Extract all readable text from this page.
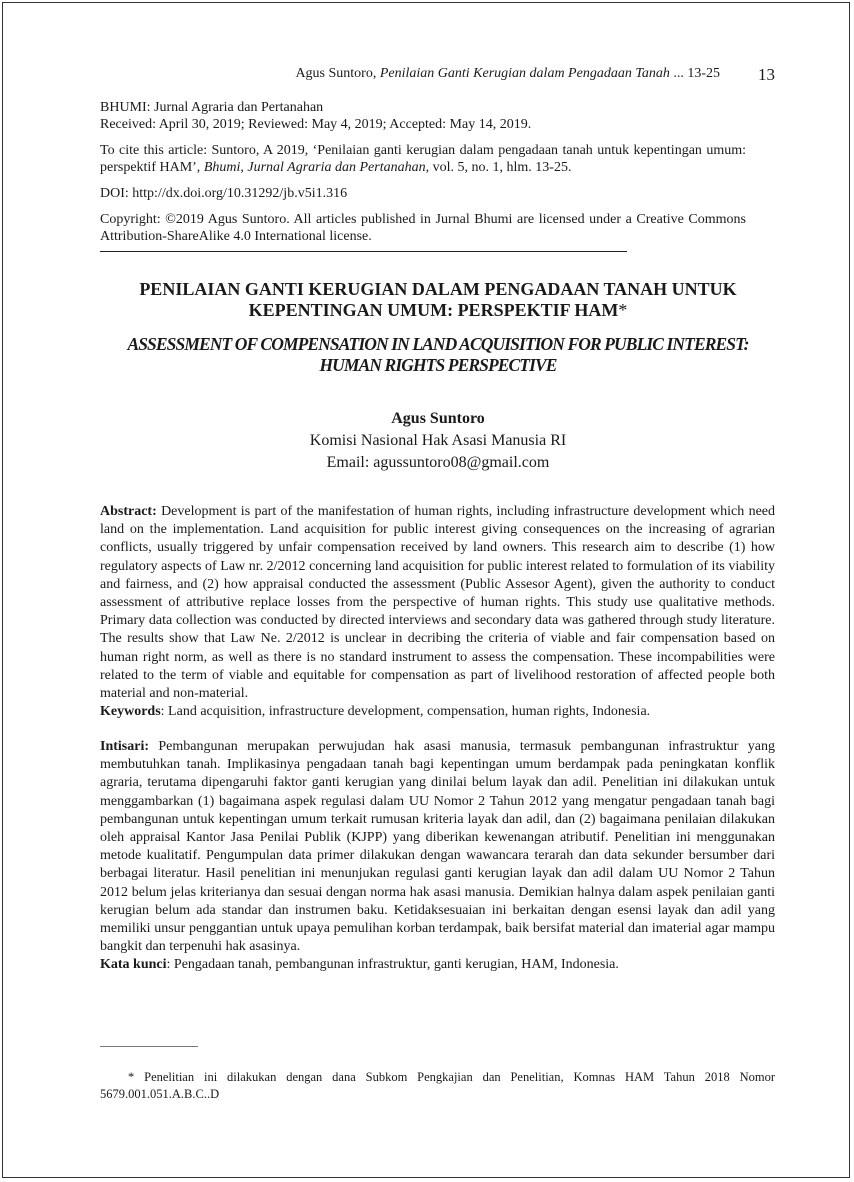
Agus Suntoro, Penilaian Ganti Kerugian dalam Pengadaan Tanah ... 13-25 13

BHUMI: Jurnal Agraria dan Pertanahan

Received: April 30, 2019; Reviewed: May 4, 2019; Accepted: May 14, 2019.

To cite this article: Suntoro, A 2019, ‘Penilaian ganti kerugian dalam pengadaan tanah untuk kepentingan umum: perspektif HAM’, Bhumi, Jurnal Agraria dan Pertanahan, vol. 5, no. 1, hlm. 13-25.

DOI: http://dx.doi.org/10.31292/jb.v5i1.316

Copyright: ©2019 Agus Suntoro. All articles published in Jurnal Bhumi are licensed under a Creative Commons Attribution-ShareAlike 4.0 International license.

PENILAIAN GANTI KERUGIAN DALAM PENGADAAN TANAH UNTUK KEPENTINGAN UMUM: PERSPEKTIF HAM*
ASSESSMENT OF COMPENSATION IN LAND ACQUISITION FOR PUBLIC INTEREST: HUMAN RIGHTS PERSPECTIVE
Agus Suntoro
Komisi Nasional Hak Asasi Manusia RI
Email: agussuntoro08@gmail.com

Abstract: Development is part of the manifestation of human rights, including infrastructure development which need land on the implementation. Land acquisition for public interest giving consequences on the increasing of agrarian conflicts, usually triggered by unfair compensation received by land owners. This research aim to describe (1) how regulatory aspects of Law nr. 2/2012 concerning land acquisition for public interest related to formulation of its viability and fairness, and (2) how appraisal conducted the assessment (Public Assesor Agent), given the authority to conduct assessment of attributive replace losses from the perspective of human rights. This study use qualitative methods. Primary data collection was conducted by directed interviews and secondary data was gathered through study literature. The results show that Law Ne. 2/2012 is unclear in decribing the criteria of viable and fair compensation based on human right norm, as well as there is no standard instrument to assess the compensation. These incompabilities were related to the term of viable and equitable for compensation as part of livelihood restoration of affected people both material and non-material.

Keywords: Land acquisition, infrastructure development, compensation, human rights, Indonesia.

Intisari: Pembangunan merupakan perwujudan hak asasi manusia, termasuk pembangunan infrastruktur yang membutuhkan tanah. Implikasinya pengadaan tanah bagi kepentingan umum berdampak pada peningkatan konflik agraria, terutama dipengaruhi faktor ganti kerugian yang dinilai belum layak dan adil. Penelitian ini dilakukan untuk menggambarkan (1) bagaimana aspek regulasi dalam UU Nomor 2 Tahun 2012 yang mengatur pengadaan tanah bagi pembangunan untuk kepentingan umum terkait rumusan kriteria layak dan adil, dan (2) bagaimana penilaian dilakukan oleh appraisal Kantor Jasa Penilai Publik (KJPP) yang diberikan kewenangan atributif. Penelitian ini menggunakan metode kualitatif. Pengumpulan data primer dilakukan dengan wawancara terarah dan data sekunder bersumber dari berbagai literatur. Hasil penelitian ini menunjukan regulasi ganti kerugian layak dan adil dalam UU Nomor 2 Tahun 2012 belum jelas kriterianya dan sesuai dengan norma hak asasi manusia. Demikian halnya dalam aspek penilaian ganti kerugian belum ada standar dan instrumen baku. Ketidaksesuaian ini berkaitan dengan esensi layak dan adil yang memiliki unsur penggantian untuk upaya pemulihan korban terdampak, baik bersifat material dan imaterial agar mampu bangkit dan terpenuhi hak asasinya.

Kata kunci: Pengadaan tanah, pembangunan infrastruktur, ganti kerugian, HAM, Indonesia.

* Penelitian ini dilakukan dengan dana Subkom Pengkajian dan Penelitian, Komnas HAM Tahun 2018 Nomor 5679.001.051.A.B.C..D
